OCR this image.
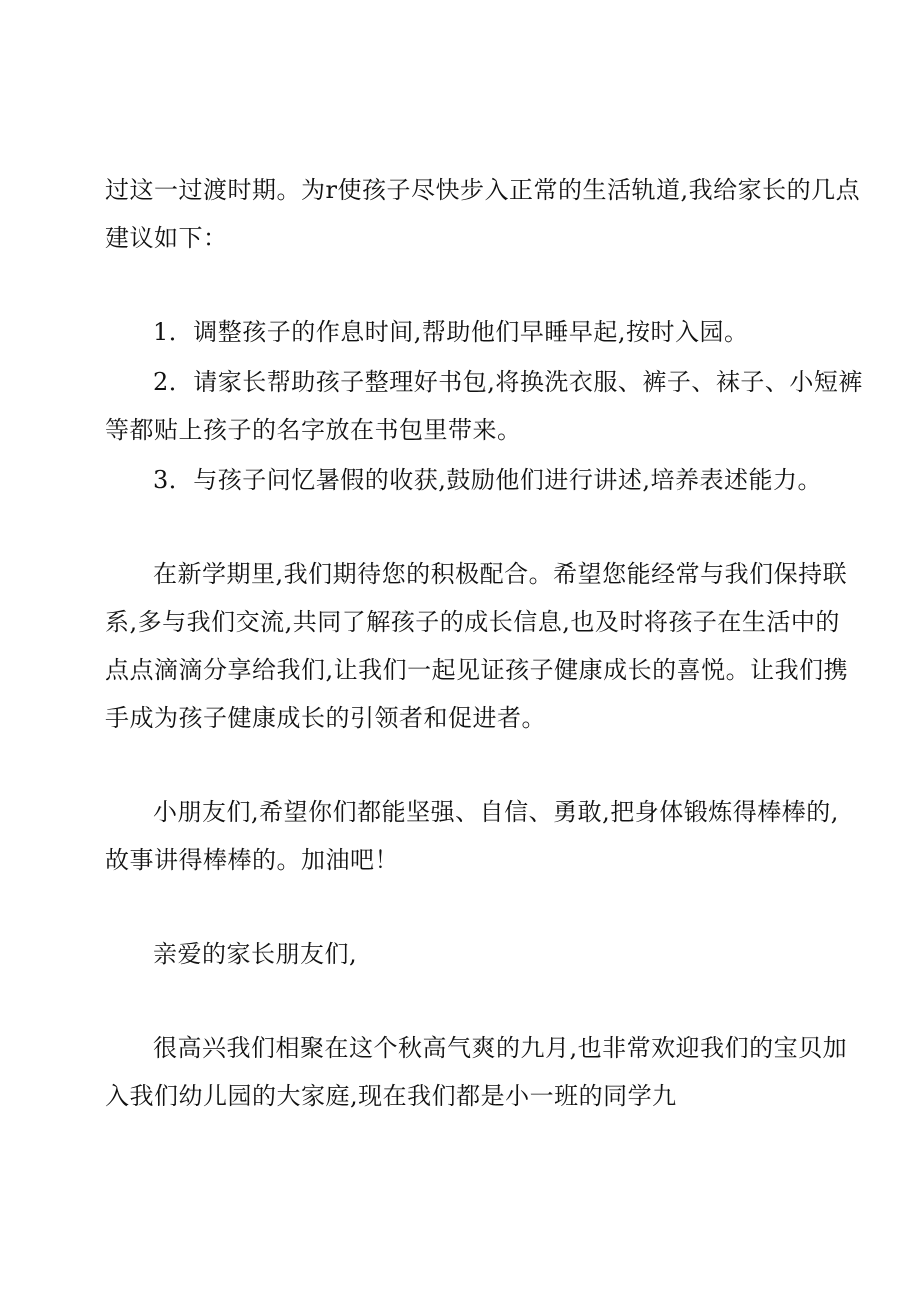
过这一过渡时期。为r使孩子尽快步入正常的生活轨道,我给家长的几点
建议如下：

1．调整孩子的作息时间,帮助他们早睡早起,按时入园。

2．请家长帮助孩子整理好书包,将换洗衣服、裤子、袜子、小短裤
等都贴上孩子的名字放在书包里带来。

3．与孩子问忆暑假的收获,鼓励他们进行讲述,培养表述能力。

在新学期里,我们期待您的积极配合。希望您能经常与我们保持联
系,多与我们交流,共同了解孩子的成长信息,也及时将孩子在生活中的
点点滴滴分享给我们,让我们一起见证孩子健康成长的喜悦。让我们携
手成为孩子健康成长的引领者和促进者。

小朋友们,希望你们都能坚强、自信、勇敢,把身体锻炼得棒棒的,
故事讲得棒棒的。加油吧！

亲爱的家长朋友们,

很高兴我们相聚在这个秋高气爽的九月,也非常欢迎我们的宝贝加
入我们幼儿园的大家庭,现在我们都是小一班的同学九
